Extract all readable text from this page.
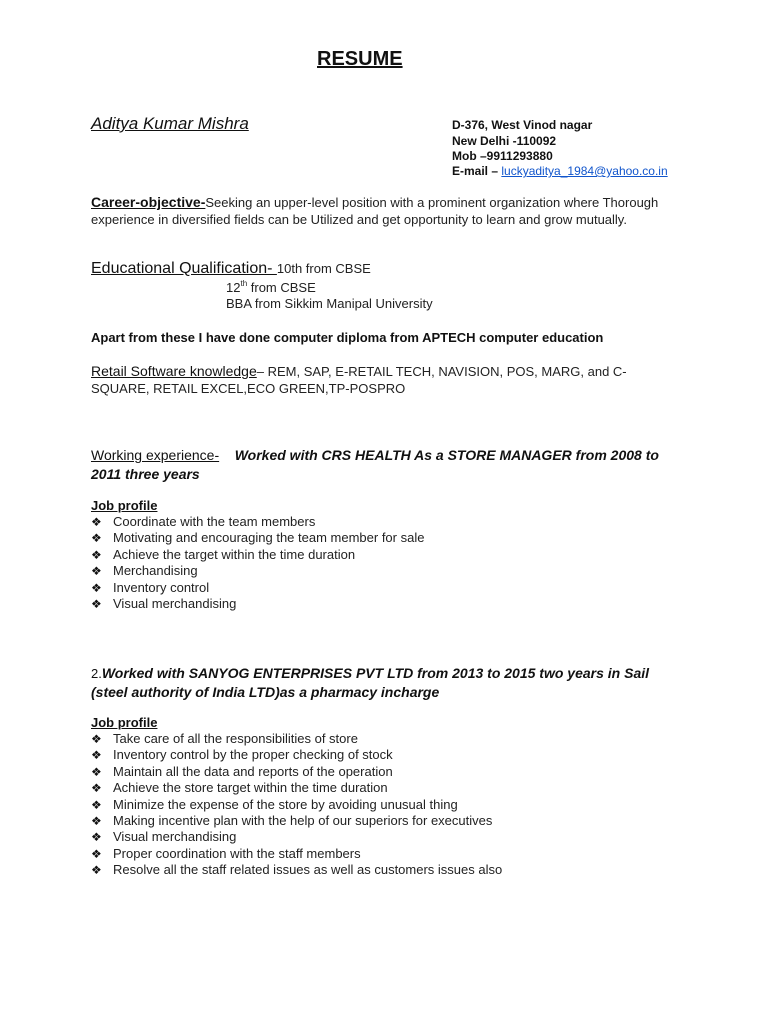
RESUME
Aditya Kumar Mishra	D-376, West Vinod nagar
New Delhi -110092
Mob –9911293880
E-mail – luckyaditya_1984@yahoo.co.in
Career-objective-Seeking an upper-level position with a prominent organization where Thorough experience in diversified fields can be Utilized and get opportunity to learn and grow mutually.
Educational Qualification- 10th from CBSE
12th from CBSE
BBA from Sikkim Manipal University
Apart from these I have done computer diploma from APTECH computer education
Retail Software knowledge– REM, SAP, E-RETAIL TECH, NAVISION, POS, MARG, and C-SQUARE, RETAIL EXCEL,ECO GREEN,TP-POSPRO
Working experience- Worked with CRS HEALTH As a STORE MANAGER from 2008 to 2011 three years
Job profile
❖ Coordinate with the team members
❖ Motivating and encouraging the team member for sale
❖ Achieve the target within the time duration
❖ Merchandising
❖ Inventory control
❖ Visual merchandising
2.Worked with SANYOG ENTERPRISES PVT LTD from 2013 to 2015 two years in Sail (steel authority of India LTD)as a pharmacy incharge
Job profile
❖ Take care of all the responsibilities of store
❖ Inventory control by the proper checking of stock
❖ Maintain all the data and reports of the operation
❖ Achieve the store target within the time duration
❖ Minimize the expense of the store by avoiding unusual thing
❖ Making incentive plan with the help of our superiors for executives
❖ Visual merchandising
❖ Proper coordination with the staff members
❖ Resolve all the staff related issues as well as customers issues also
